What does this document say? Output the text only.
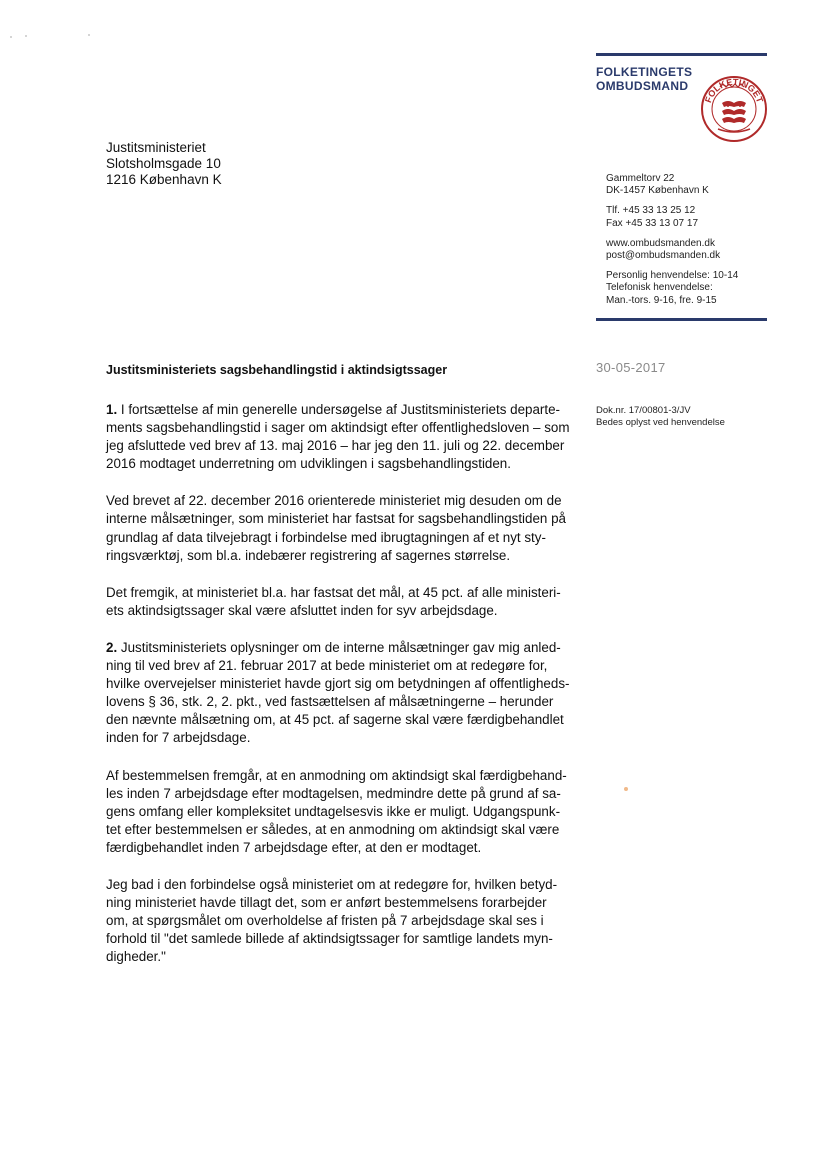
FOLKETINGETS
OMBUDSMAND
FOLKETINGET
Justitsministeriet
Slotsholmsgade 10
1216 København K	Gammeltorv 22
DK-1457 København K
Tlf. +45 33 13 25 12
Fax +45 33 13 07 17
www.ombudsmanden.dk
post@ombudsmanden.dk
Personlig henvendelse: 10-14
Telefonisk henvendelse:
Man.-tors. 9-16, fre. 9-15
30-05-2017
Justitsministeriets sagsbehandlingstid i aktindsigtssager
Dok.nr. 17/00801-3/JV
Bedes oplyst ved henvendelse
1. I fortsættelse af min generelle undersøgelse af Justitsministeriets departe-
ments sagsbehandlingstid i sager om aktindsigt efter offentlighedsloven – som
jeg afsluttede ved brev af 13. maj 2016 – har jeg den 11. juli og 22. december
2016 modtaget underretning om udviklingen i sagsbehandlingstiden.
Ved brevet af 22. december 2016 orienterede ministeriet mig desuden om de
interne målsætninger, som ministeriet har fastsat for sagsbehandlingstiden på
grundlag af data tilvejebragt i forbindelse med ibrugtagningen af et nyt sty-
ringsværktøj, som bl.a. indebærer registrering af sagernes størrelse.
Det fremgik, at ministeriet bl.a. har fastsat det mål, at 45 pct. af alle ministeri-
ets aktindsigtssager skal være afsluttet inden for syv arbejdsdage.
2. Justitsministeriets oplysninger om de interne målsætninger gav mig anled-
ning til ved brev af 21. februar 2017 at bede ministeriet om at redegøre for,
hvilke overvejelser ministeriet havde gjort sig om betydningen af offentligheds-
lovens § 36, stk. 2, 2. pkt., ved fastsættelsen af målsætningerne – herunder
den nævnte målsætning om, at 45 pct. af sagerne skal være færdigbehandlet
inden for 7 arbejdsdage.
Af bestemmelsen fremgår, at en anmodning om aktindsigt skal færdigbehand-
les inden 7 arbejdsdage efter modtagelsen, medmindre dette på grund af sa-
gens omfang eller kompleksitet undtagelsesvis ikke er muligt. Udgangspunk-
tet efter bestemmelsen er således, at en anmodning om aktindsigt skal være
færdigbehandlet inden 7 arbejdsdage efter, at den er modtaget.
Jeg bad i den forbindelse også ministeriet om at redegøre for, hvilken betyd-
ning ministeriet havde tillagt det, som er anført bestemmelsens forarbejder
om, at spørgsmålet om overholdelse af fristen på 7 arbejdsdage skal ses i
forhold til "det samlede billede af aktindsigtssager for samtlige landets myn-
digheder."
